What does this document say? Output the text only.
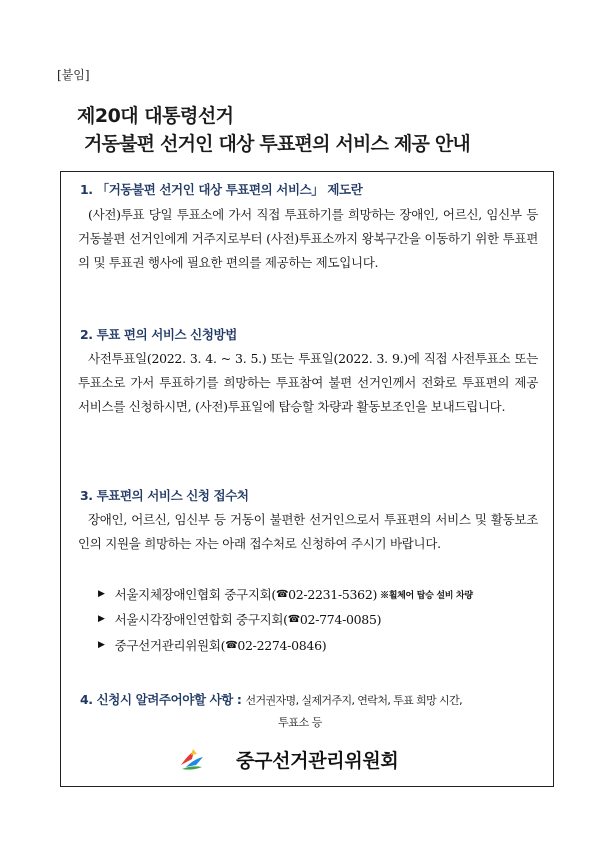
[붙임]
제20대 대통령선거
거동불편 선거인 대상 투표편의 서비스 제공 안내
1. 「거동불편 선거인 대상 투표편의 서비스」 제도란
(사전)투표 당일 투표소에 가서 직접 투표하기를 희망하는 장애인, 어르신, 임신부 등 거동불편 선거인에게 거주지로부터 (사전)투표소까지 왕복구간을 이동하기 위한 투표편의 및 투표권 행사에 필요한 편의를 제공하는 제도입니다.
2. 투표 편의 서비스 신청방법
사전투표일(2022. 3. 4. ~ 3. 5.) 또는 투표일(2022. 3. 9.)에 직접 사전투표소 또는 투표소로 가서 투표하기를 희망하는 투표참여 불편 선거인께서 전화로 투표편의 제공 서비스를 신청하시면, (사전)투표일에 탑승할 차량과 활동보조인을 보내드립니다.
3. 투표편의 서비스 신청 접수처
장애인, 어르신, 임신부 등 거동이 불편한 선거인으로서 투표편의 서비스 및 활동보조인의 지원을 희망하는 자는 아래 접수처로 신청하여 주시기 바랍니다.
▶ 서울지체장애인협회 중구지회( ☎ 02-2231-5362) ※휠체어 탑승 설비 차량
▶ 서울시각장애인연합회 중구지회( ☎ 02-774-0085)
▶ 중구선거관리위원회( ☎ 02-2274-0846)
4. 신청시 알려주어야할 사항 : 선거권자명, 실제거주지, 연락처, 투표 희망 시간,
투표소 등
중구선거관리위원회
